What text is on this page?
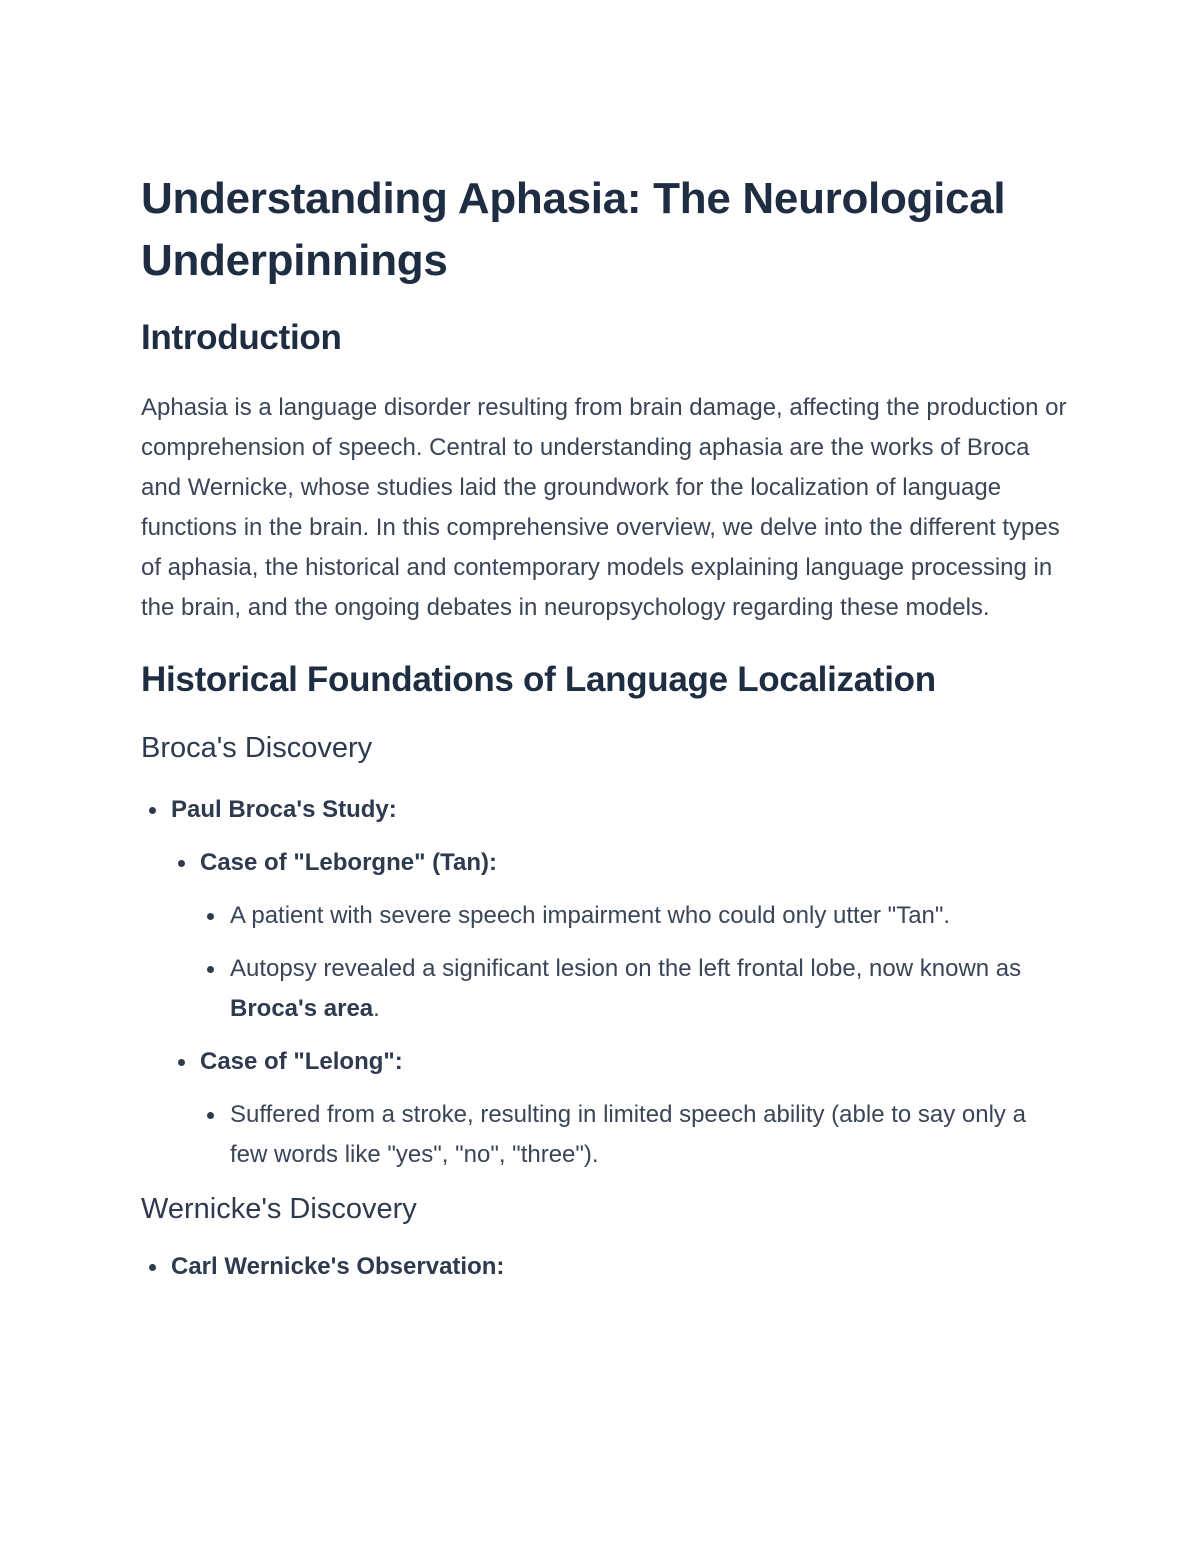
Understanding Aphasia: The Neurological Underpinnings
Introduction

Aphasia is a language disorder resulting from brain damage, affecting the production or comprehension of speech. Central to understanding aphasia are the works of Broca and Wernicke, whose studies laid the groundwork for the localization of language functions in the brain. In this comprehensive overview, we delve into the different types of aphasia, the historical and contemporary models explaining language processing in the brain, and the ongoing debates in neuropsychology regarding these models.

Historical Foundations of Language Localization
Broca's Discovery
Paul Broca's Study:
Case of "Leborgne" (Tan):
A patient with severe speech impairment who could only utter "Tan".
Autopsy revealed a significant lesion on the left frontal lobe, now known as Broca's area.
Case of "Lelong":
Suffered from a stroke, resulting in limited speech ability (able to say only a few words like "yes", "no", "three").
Wernicke's Discovery
Carl Wernicke's Observation:
